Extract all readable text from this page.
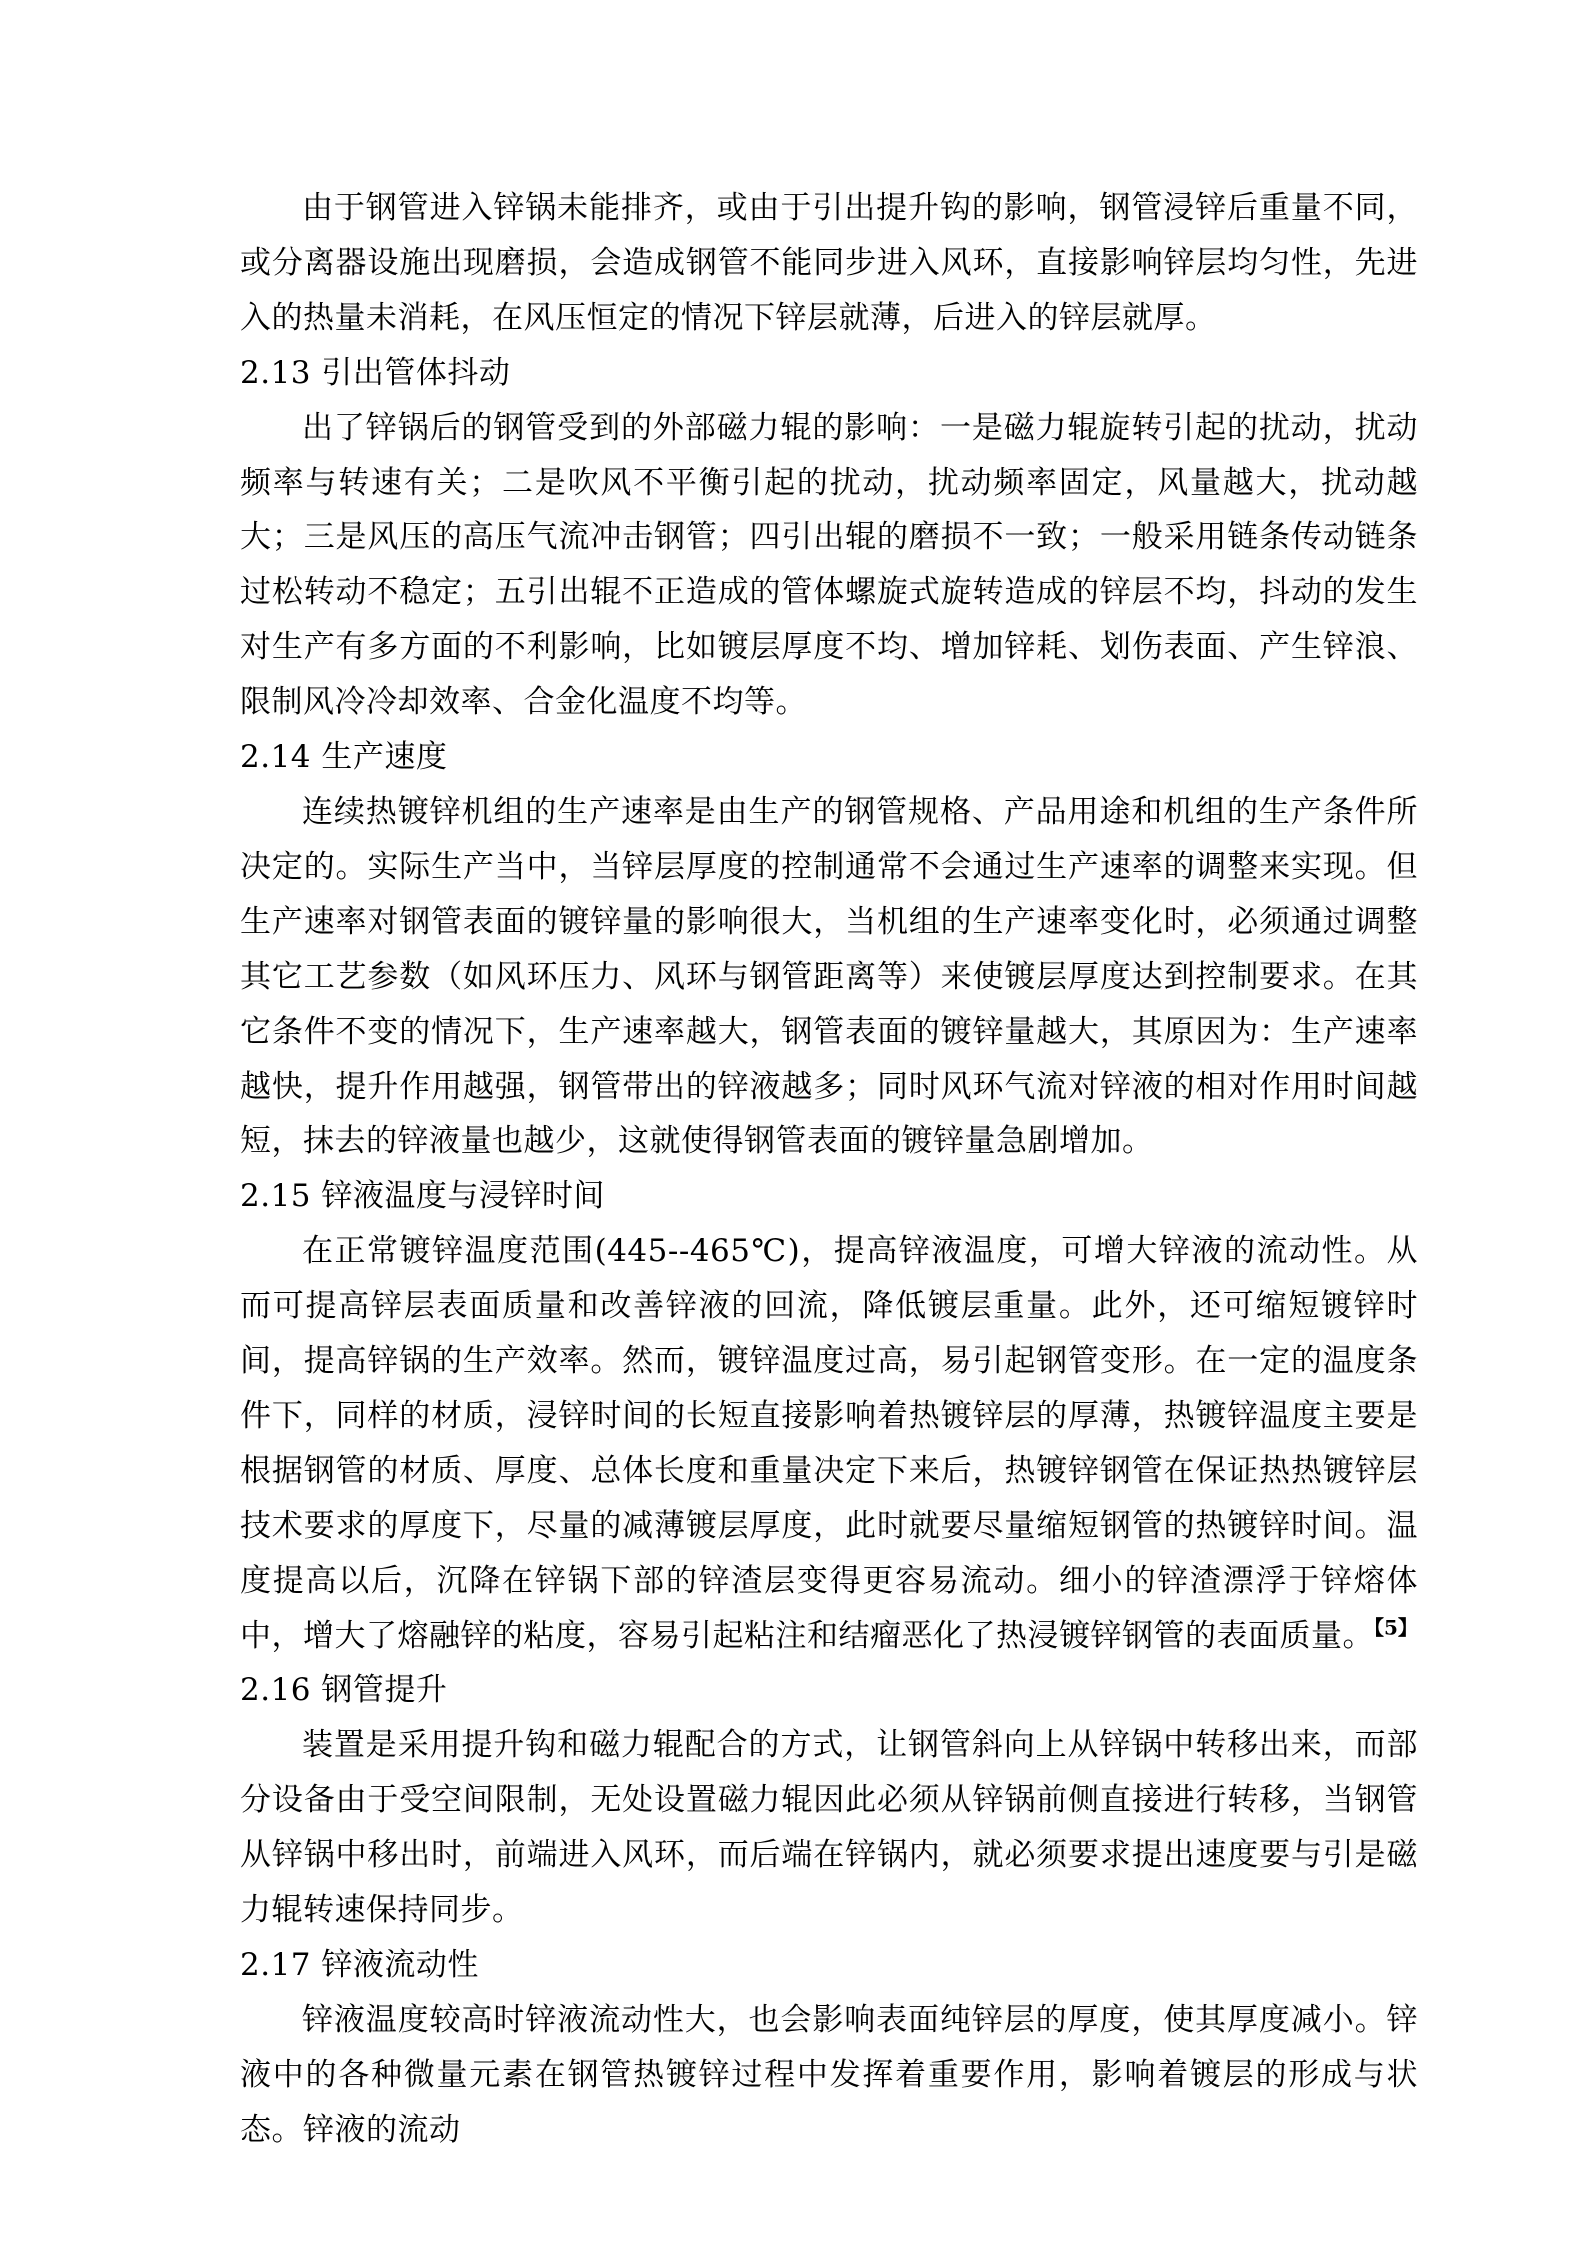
由于钢管进入锌锅未能排齐，或由于引出提升钩的影响，钢管浸锌后重量不同，或分离器设施出现磨损，会造成钢管不能同步进入风环，直接影响锌层均匀性，先进入的热量未消耗，在风压恒定的情况下锌层就薄，后进入的锌层就厚。

2.13 引出管体抖动

出了锌锅后的钢管受到的外部磁力辊的影响：一是磁力辊旋转引起的扰动，扰动频率与转速有关；二是吹风不平衡引起的扰动，扰动频率固定，风量越大，扰动越大；三是风压的高压气流冲击钢管；四引出辊的磨损不一致；一般采用链条传动链条过松转动不稳定；五引出辊不正造成的管体螺旋式旋转造成的锌层不均，抖动的发生对生产有多方面的不利影响，比如镀层厚度不均、增加锌耗、划伤表面、产生锌浪、限制风冷冷却效率、合金化温度不均等。

2.14 生产速度

连续热镀锌机组的生产速率是由生产的钢管规格、产品用途和机组的生产条件所决定的。实际生产当中，当锌层厚度的控制通常不会通过生产速率的调整来实现。但生产速率对钢管表面的镀锌量的影响很大，当机组的生产速率变化时，必须通过调整其它工艺参数（如风环压力、风环与钢管距离等）来使镀层厚度达到控制要求。在其它条件不变的情况下，生产速率越大，钢管表面的镀锌量越大，其原因为：生产速率越快，提升作用越强，钢管带出的锌液越多；同时风环气流对锌液的相对作用时间越短，抹去的锌液量也越少，这就使得钢管表面的镀锌量急剧增加。

2.15 锌液温度与浸锌时间

在正常镀锌温度范围(445--465℃)，提高锌液温度，可增大锌液的流动性。从而可提高锌层表面质量和改善锌液的回流，降低镀层重量。此外，还可缩短镀锌时间，提高锌锅的生产效率。然而，镀锌温度过高，易引起钢管变形。在一定的温度条件下，同样的材质，浸锌时间的长短直接影响着热镀锌层的厚薄，热镀锌温度主要是根据钢管的材质、厚度、总体长度和重量决定下来后，热镀锌钢管在保证热热镀锌层技术要求的厚度下，尽量的减薄镀层厚度，此时就要尽量缩短钢管的热镀锌时间。温度提高以后，沉降在锌锅下部的锌渣层变得更容易流动。细小的锌渣漂浮于锌熔体中，增大了熔融锌的粘度，容易引起粘注和结瘤恶化了热浸镀锌钢管的表面质量。$^{【5】}$

2.16 钢管提升

装置是采用提升钩和磁力辊配合的方式，让钢管斜向上从锌锅中转移出来，而部分设备由于受空间限制，无处设置磁力辊因此必须从锌锅前侧直接进行转移，当钢管从锌锅中移出时，前端进入风环，而后端在锌锅内，就必须要求提出速度要与引是磁力辊转速保持同步。

2.17 锌液流动性

锌液温度较高时锌液流动性大，也会影响表面纯锌层的厚度，使其厚度减小。锌液中的各种微量元素在钢管热镀锌过程中发挥着重要作用，影响着镀层的形成与状态。锌液的流动
